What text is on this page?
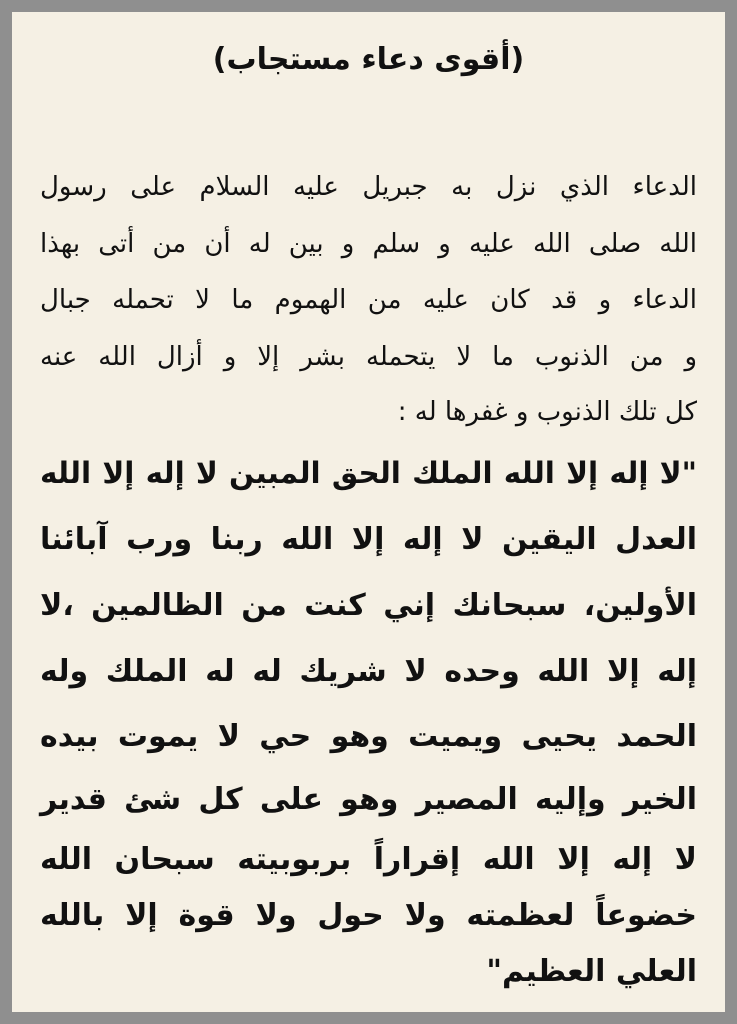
(أقوى دعاء مستجاب)
الدعاء الذي نزل به جبريل عليه السلام على رسول
الله صلى الله عليه و سلم و بين له أن من أتى بهذا
الدعاء و قد كان عليه من الهموم ما لا تحمله جبال
و من الذنوب ما لا يتحمله بشر إلا و أزال الله عنه
كل تلك الذنوب و غفرها له :
"لا إله إلا الله الملك الحق المبين لا إله إلا الله
العدل اليقين لا إله إلا الله ربنا ورب آبائنا
الأولين، سبحانك إني كنت من الظالمين ،لا
إله إلا الله وحده لا شريك له له الملك وله
الحمد يحيى ويميت وهو حي لا يموت بيده
الخير وإليه المصير وهو على كل شئ قدير
لا إله إلا الله إقراراً بربوبيته سبحان الله
خضوعاً لعظمته ولا حول ولا قوة إلا بالله
العلي العظيم"
